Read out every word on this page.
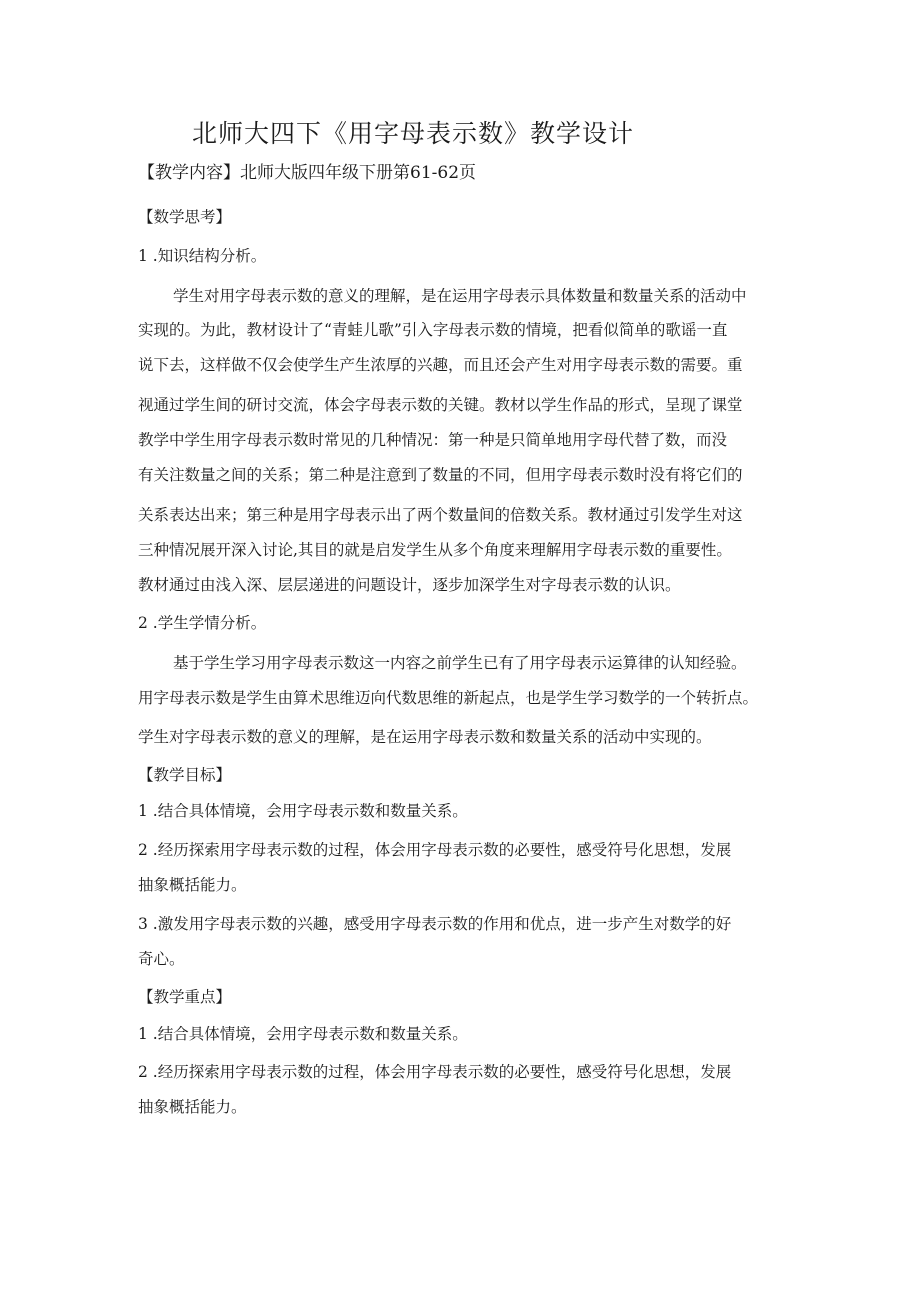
北师大四下《用字母表示数》教学设计
【教学内容】北师大版四年级下册第61-62页
【数学思考】
1 .知识结构分析。
学生对用字母表示数的意义的理解，是在运用字母表示具体数量和数量关系的活动中
实现的。为此，教材设计了“青蛙儿歌”引入字母表示数的情境，把看似简单的歌谣一直
说下去，这样做不仅会使学生产生浓厚的兴趣，而且还会产生对用字母表示数的需要。重
视通过学生间的研讨交流，体会字母表示数的关键。教材以学生作品的形式，呈现了课堂
教学中学生用字母表示数时常见的几种情况：第一种是只简单地用字母代替了数，而没
有关注数量之间的关系；第二种是注意到了数量的不同，但用字母表示数时没有将它们的
关系表达出来；第三种是用字母表示出了两个数量间的倍数关系。教材通过引发学生对这
三种情况展开深入讨论,其目的就是启发学生从多个角度来理解用字母表示数的重要性。
教材通过由浅入深、层层递进的问题设计，逐步加深学生对字母表示数的认识。
2 .学生学情分析。
基于学生学习用字母表示数这一内容之前学生已有了用字母表示运算律的认知经验。
用字母表示数是学生由算术思维迈向代数思维的新起点，也是学生学习数学的一个转折点。
学生对字母表示数的意义的理解，是在运用字母表示数和数量关系的活动中实现的。
【教学目标】
1 .结合具体情境，会用字母表示数和数量关系。
2 .经历探索用字母表示数的过程，体会用字母表示数的必要性，感受符号化思想，发展
抽象概括能力。
3 .激发用字母表示数的兴趣，感受用字母表示数的作用和优点，进一步产生对数学的好
奇心。
【教学重点】
1 .结合具体情境，会用字母表示数和数量关系。
2 .经历探索用字母表示数的过程，体会用字母表示数的必要性，感受符号化思想，发展
抽象概括能力。
